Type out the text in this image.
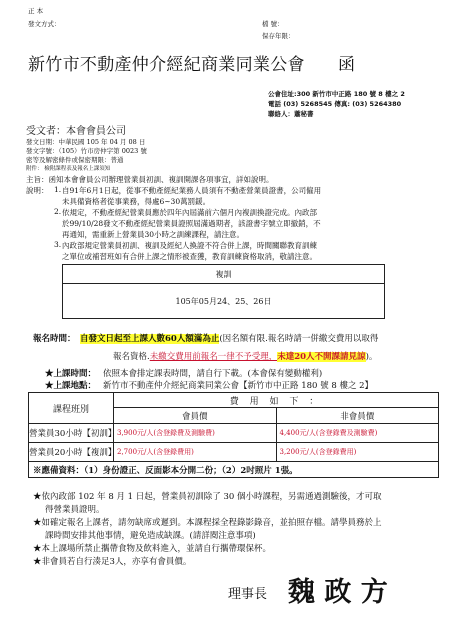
正 本
發文方式：	檔 號：
保存年限：
新竹市不動產仲介經紀商業同業公會 函
公會住址:300 新竹市中正路 180 號 8 樓之 2
電話 (03) 5268545 傳真: (03) 5264380
聯絡人：蕭秘書
受文者：本會會員公司
發文日期：中華民國 105 年 04 月 08 日
發文字號：（105）竹市房仲字第 0023 號
密等及解密條件或保密期限：普通
附件： 檢附課程表及報名上課須知
主旨：函知本會會員公司辦理營業員初訓、複訓開課各項事宜，詳如說明。
說明： 1. 自91年6月1日起，從事不動產經紀業務人員須有不動產營業員證書，公司僱用
未具備資格者從事業務，得處6~30萬罰鍰。
2. 依規定，不動產經紀營業員應於四年內屆滿前六個月內複訓換證完成。內政部
於99/10/28發文不動產經紀營業員證照屆滿過期者，該證書字號立即撤銷，不
再通知，需重新上營業員30小時之訓練課程，請注意。
3. 內政部規定營業員初訓、複訓及經紀人換證不符合併上課，時間關聯教育訓練
之單位或補習班如有合併上課之情形被查獲，教育訓練資格取消，敬請注意。
複訓
105年05月24、25、26日
報名時間： 自發文日起至上課人數60人額滿為止(因名額有限.報名時請一併繳交費用以取得
報名資格.未繳交費用前報名一律不予受理，未達20人不開課請見諒)。
★上課時間： 依照本會排定課表時間，請自行下載。(本會保有變動權利)
★上課地點： 新竹市不動產仲介經紀商業同業公會【新竹市中正路 180 號 8 樓之 2】
課程班別	費 用 如 下 ：	
	會員價	非會員價
營業員30小時【初訓】	3,900元/人(含登錄費及測驗費)	4,400元/人(含登錄費及測驗費)
營業員20小時【複訓】	2,700元/人(含登錄費用)	3,200元/人(含登錄費用)
※應備資料：（1）身份證正、反面影本分開二份；（2）2吋照片 1張。		
★依內政部 102 年 8 月 1 日起，營業員初訓除了 30 個小時課程，另需通過測驗後，才可取
得營業員證明。
★如確定報名上課者，請勿缺席或遲到。本課程採全程錄影錄音，並拍照存檔。請學員務於上
課時間安排其他事情，避免造成缺課。(請詳閱注意事項)
★本上課場所禁止攜帶食物及飲料進入，並請自行攜帶環保杯。
★非會員若自行湊足3人，亦享有會員價。
理事長 魏 政 方
